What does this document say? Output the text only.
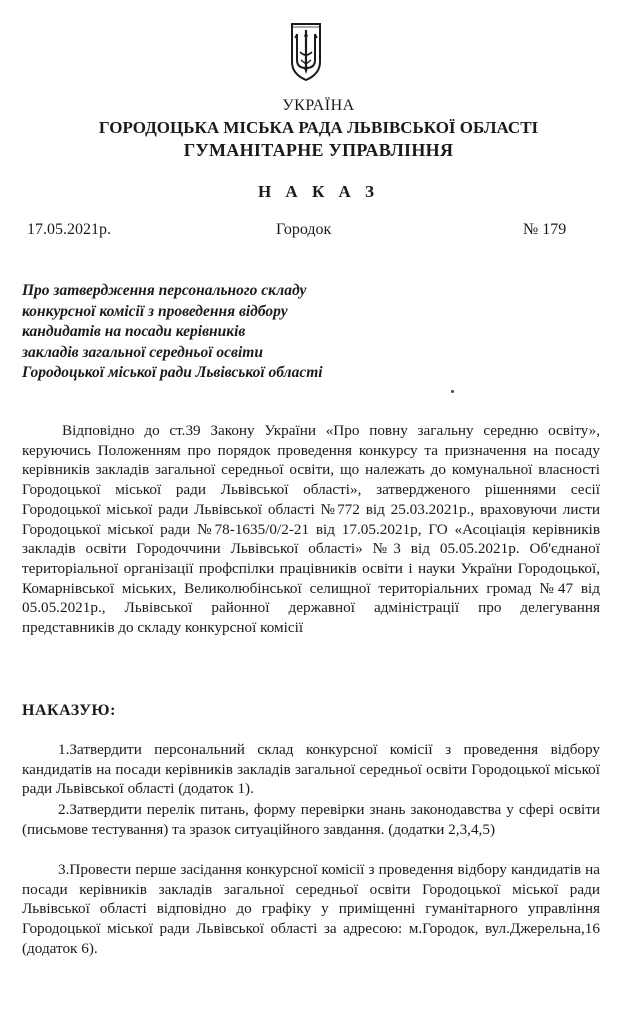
УКРАЇНА
ГОРОДОЦЬКА МІСЬКА РАДА ЛЬВІВСЬКОЇ ОБЛАСТІ
ГУМАНІТАРНЕ УПРАВЛІННЯ
Н А К А З
17.05.2021р.	Городок	№ 179
Про затвердження персонального складу
конкурсної комісії з проведення відбору
кандидатів на посади керівників
закладів загальної середньої освіти
Городоцької міської ради Львівської області
Відповідно до ст.39 Закону України «Про повну загальну середню освіту», керуючись Положенням про порядок проведення конкурсу та призначення на посаду керівників закладів загальної середньої освіти, що належать до комунальної власності Городоцької міської ради Львівської області», затвердженого рішеннями сесії Городоцької міської ради Львівської області №772 від 25.03.2021р., враховуючи листи Городоцької міської ради №78-1635/0/2-21 від 17.05.2021р, ГО «Асоціація керівників закладів освіти Городоччини Львівської області» №3 від 05.05.2021р. Об'єднаної територіальної організації профспілки працівників освіти і науки України Городоцької, Комарнівської міських, Великолюбінської селищної територіальних громад №47 від 05.05.2021р., Львівської районної державної адміністрації про делегування представників до складу конкурсної комісії
НАКАЗУЮ:
1.Затвердити персональний склад конкурсної комісії з проведення відбору кандидатів на посади керівників закладів загальної середньої освіти Городоцької міської ради Львівської області (додаток 1).
2.Затвердити перелік питань, форму перевірки знань законодавства у сфері освіти (письмове тестування) та зразок ситуаційного завдання. (додатки 2,3,4,5)
3.Провести перше засідання конкурсної комісії з проведення відбору кандидатів на посади керівників закладів загальної середньої освіти Городоцької міської ради Львівської області відповідно до графіку у приміщенні гуманітарного управління Городоцької міської ради Львівської області за адресою: м.Городок, вул.Джерельна,16 (додаток 6).
